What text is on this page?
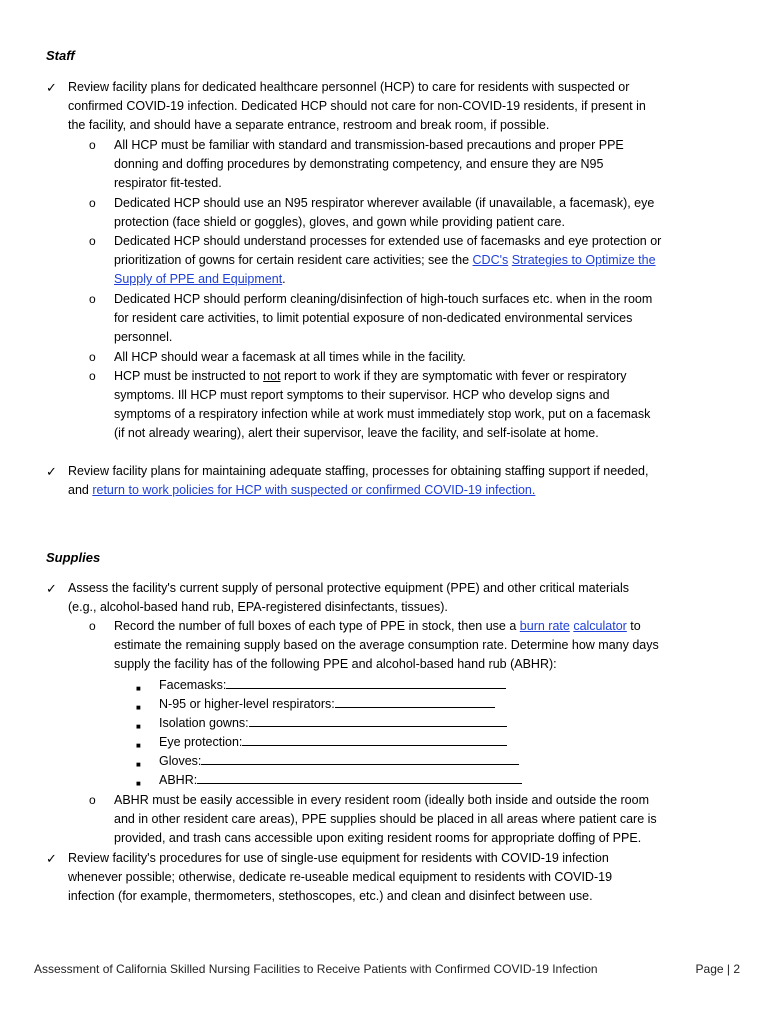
Staff
✓ Review facility plans for dedicated healthcare personnel (HCP) to care for residents with suspected or
confirmed COVID-19 infection. Dedicated HCP should not care for non-COVID-19 residents, if present in
the facility, and should have a separate entrance, restroom and break room, if possible.
o All HCP must be familiar with standard and transmission-based precautions and proper PPE
donning and doffing procedures by demonstrating competency, and ensure they are N95
respirator fit-tested.
o Dedicated HCP should use an N95 respirator wherever available (if unavailable, a facemask), eye
protection (face shield or goggles), gloves, and gown while providing patient care.
o Dedicated HCP should understand processes for extended use of facemasks and eye protection or
prioritization of gowns for certain resident care activities; see the CDC's Strategies to Optimize the
Supply of PPE and Equipment.
o Dedicated HCP should perform cleaning/disinfection of high-touch surfaces etc. when in the room
for resident care activities, to limit potential exposure of non-dedicated environmental services
personnel.
o All HCP should wear a facemask at all times while in the facility.
o HCP must be instructed to not report to work if they are symptomatic with fever or respiratory
symptoms. Ill HCP must report symptoms to their supervisor. HCP who develop signs and
symptoms of a respiratory infection while at work must immediately stop work, put on a facemask
(if not already wearing), alert their supervisor, leave the facility, and self-isolate at home.
✓ Review facility plans for maintaining adequate staffing, processes for obtaining staffing support if needed,
and return to work policies for HCP with suspected or confirmed COVID-19 infection.
Supplies
✓ Assess the facility's current supply of personal protective equipment (PPE) and other critical materials
(e.g., alcohol-based hand rub, EPA-registered disinfectants, tissues).
o Record the number of full boxes of each type of PPE in stock, then use a burn rate calculator to
estimate the remaining supply based on the average consumption rate. Determine how many days
supply the facility has of the following PPE and alcohol-based hand rub (ABHR):
■ Facemasks:
■ N-95 or higher-level respirators:
■ Isolation gowns:
■ Eye protection:
■ Gloves:
■ ABHR:
o ABHR must be easily accessible in every resident room (ideally both inside and outside the room
and in other resident care areas), PPE supplies should be placed in all areas where patient care is
provided, and trash cans accessible upon exiting resident rooms for appropriate doffing of PPE.
✓ Review facility's procedures for use of single-use equipment for residents with COVID-19 infection
whenever possible; otherwise, dedicate re-useable medical equipment to residents with COVID-19
infection (for example, thermometers, stethoscopes, etc.) and clean and disinfect between use.
Assessment of California Skilled Nursing Facilities to Receive Patients with Confirmed COVID-19 Infection	Page | 2
